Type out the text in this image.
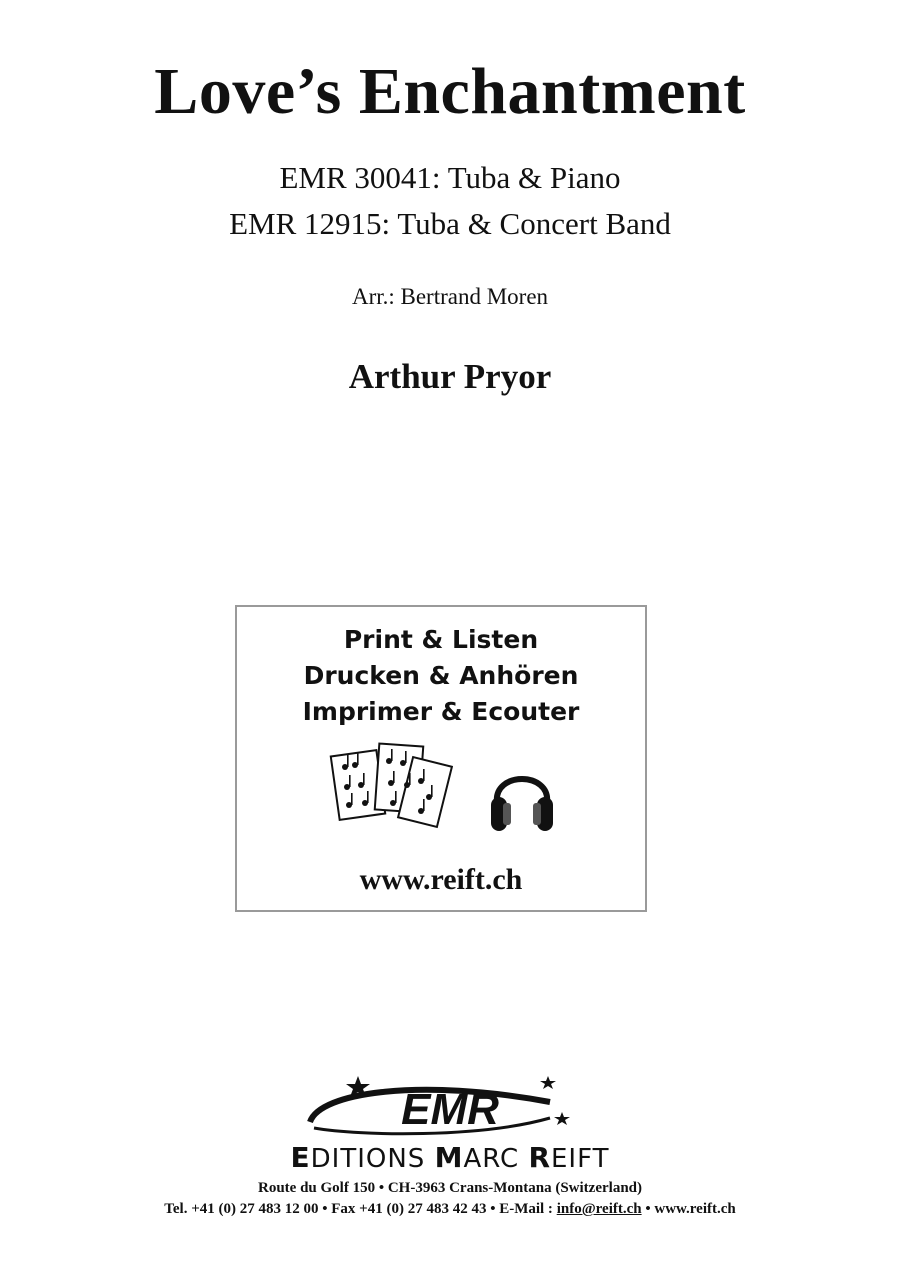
Love’s Enchantment
EMR 30041: Tuba & Piano
EMR 12915: Tuba & Concert Band
Arr.: Bertrand Moren
Arthur Pryor
Print & Listen
Drucken & Anhören
Imprimer & Ecouter
www.reift.ch
EMR
EDITIONS MARC REIFT
Route du Golf 150 • CH-3963 Crans-Montana (Switzerland)
Tel. +41 (0) 27 483 12 00 • Fax +41 (0) 27 483 42 43 • E-Mail : info@reift.ch • www.reift.ch
